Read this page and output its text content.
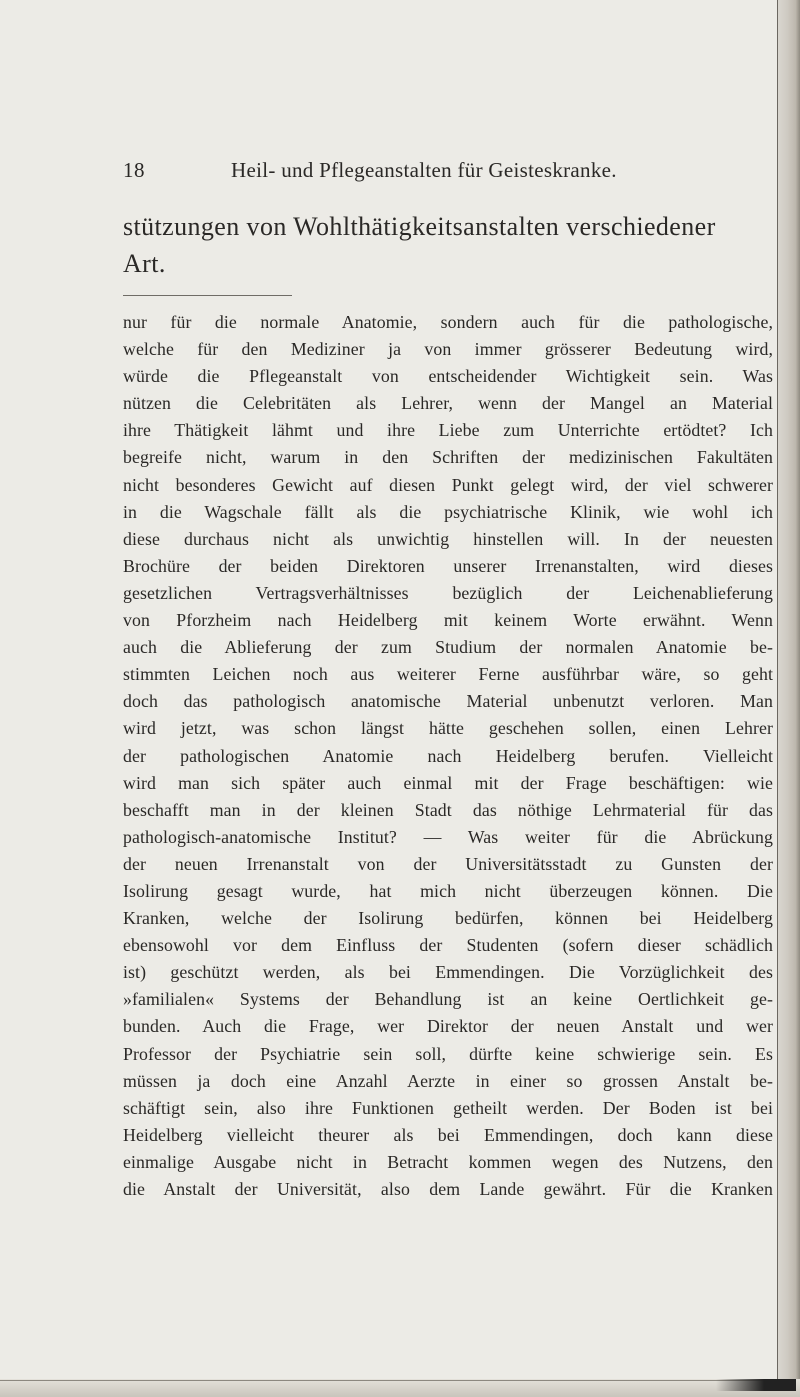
18	Heil- und Pflegeanstalten für Geisteskranke.
stützungen von Wohlthätigkeitsanstalten verschiedener
Art.
nur für die normale Anatomie, sondern auch für die pathologische,
welche für den Mediziner ja von immer grösserer Bedeutung wird,
würde die Pflegeanstalt von entscheidender Wichtigkeit sein. Was
nützen die Celebritäten als Lehrer, wenn der Mangel an Material
ihre Thätigkeit lähmt und ihre Liebe zum Unterrichte ertödtet? Ich
begreife nicht, warum in den Schriften der medizinischen Fakultäten
nicht besonderes Gewicht auf diesen Punkt gelegt wird, der viel schwerer
in die Wagschale fällt als die psychiatrische Klinik, wie wohl ich
diese durchaus nicht als unwichtig hinstellen will. In der neuesten
Brochüre der beiden Direktoren unserer Irrenanstalten, wird dieses
gesetzlichen Vertragsverhältnisses bezüglich der Leichenablieferung
von Pforzheim nach Heidelberg mit keinem Worte erwähnt. Wenn
auch die Ablieferung der zum Studium der normalen Anatomie be-
stimmten Leichen noch aus weiterer Ferne ausführbar wäre, so geht
doch das pathologisch anatomische Material unbenutzt verloren. Man
wird jetzt, was schon längst hätte geschehen sollen, einen Lehrer
der pathologischen Anatomie nach Heidelberg berufen. Vielleicht
wird man sich später auch einmal mit der Frage beschäftigen: wie
beschafft man in der kleinen Stadt das nöthige Lehrmaterial für das
pathologisch-anatomische Institut? — Was weiter für die Abrückung
der neuen Irrenanstalt von der Universitätsstadt zu Gunsten der
Isolirung gesagt wurde, hat mich nicht überzeugen können. Die
Kranken, welche der Isolirung bedürfen, können bei Heidelberg
ebensowohl vor dem Einfluss der Studenten (sofern dieser schädlich
ist) geschützt werden, als bei Emmendingen. Die Vorzüglichkeit des
»familialen« Systems der Behandlung ist an keine Oertlichkeit ge-
bunden. Auch die Frage, wer Direktor der neuen Anstalt und wer
Professor der Psychiatrie sein soll, dürfte keine schwierige sein. Es
müssen ja doch eine Anzahl Aerzte in einer so grossen Anstalt be-
schäftigt sein, also ihre Funktionen getheilt werden. Der Boden ist bei
Heidelberg vielleicht theurer als bei Emmendingen, doch kann diese
einmalige Ausgabe nicht in Betracht kommen wegen des Nutzens, den
die Anstalt der Universität, also dem Lande gewährt. Für die Kranken
